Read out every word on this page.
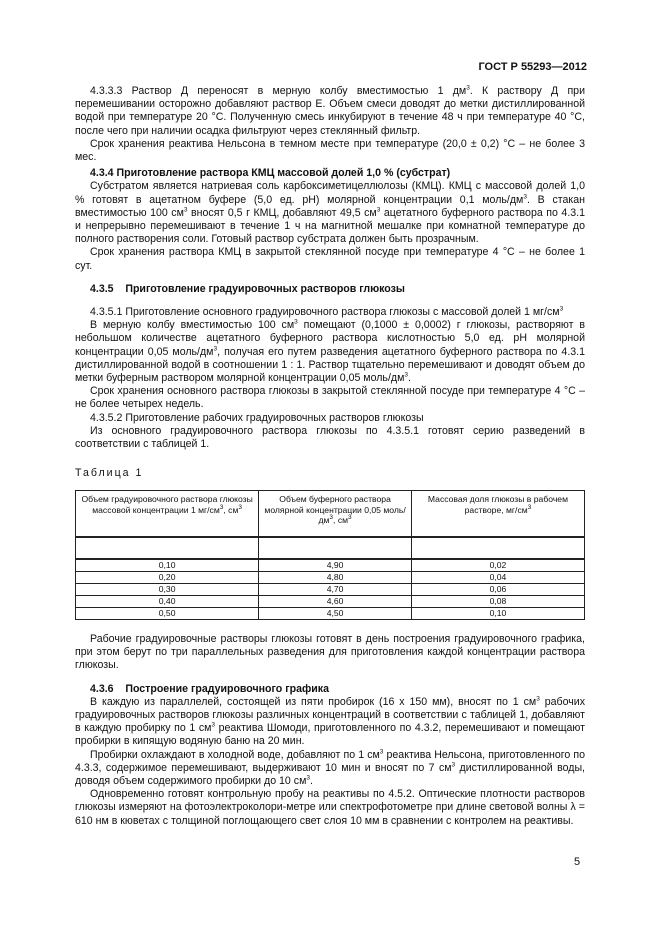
ГОСТ Р 55293—2012

4.3.3.3 Раствор Д переносят в мерную колбу вместимостью 1 $дм^3$. К раствору Д при перемешивании осторожно добавляют раствор Е. Объем смеси доводят до метки дистиллированной водой при температуре 20 °С. Полученную смесь инкубируют в течение 48 ч при температуре 40 °С, после чего при наличии осадка фильтруют через стеклянный фильтр.

Срок хранения реактива Нельсона в темном месте при температуре (20,0 ± 0,2) °С – не более 3 мес.

4.3.4 Приготовление раствора КМЦ массовой долей 1,0 % (субстрат)

Субстратом является натриевая соль карбоксиметицеллюлозы (КМЦ). КМЦ с массовой долей 1,0 % готовят в ацетатном буфере (5,0 ед. рН) молярной концентрации 0,1 моль/$дм^3$. В стакан вместимостью 100 $см^3$ вносят 0,5 г КМЦ, добавляют 49,5 $см^3$ ацетатного буферного раствора по 4.3.1 и непрерывно перемешивают в течение 1 ч на магнитной мешалке при комнатной температуре до полного растворения соли. Готовый раствор субстрата должен быть прозрачным.

Срок хранения раствора КМЦ в закрытой стеклянной посуде при температуре 4 °С – не более 1 сут.

4.3.5 Приготовление градуировочных растворов глюкозы

4.3.5.1 Приготовление основного градуировочного раствора глюкозы с массовой долей 1 $мг/см^3$

В мерную колбу вместимостью 100 $см^3$ помещают (0,1000 ± 0,0002) г глюкозы, растворяют в небольшом количестве ацетатного буферного раствора кислотностью 5,0 ед. рН молярной концентрации 0,05 моль/$дм^3$, получая его путем разведения ацетатного буферного раствора по 4.3.1 дистиллированной водой в соотношении 1 : 1. Раствор тщательно перемешивают и доводят объем до метки буферным раствором молярной концентрации 0,05 моль/$дм^3$.

Срок хранения основного раствора глюкозы в закрытой стеклянной посуде при температуре 4 °С – не более четырех недель.

4.3.5.2 Приготовление рабочих градуировочных растворов глюкозы

Из основного градуировочного раствора глюкозы по 4.3.5.1 готовят серию разведений в соответствии с таблицей 1.

Таблица 1

Объем градуировочного раствора глюкозы массовой концентрации 1 $мг/см^3$, $см^3$	Объем буферного раствора молярной концентрации 0,05 моль/$дм^3$, $см^3$	Массовая доля глюкозы в рабочем растворе, $мг/см^3$

0,10	4,90	0,02
0,20	4,80	0,04
0,30	4,70	0,06
0,40	4,60	0,08
0,50	4,50	0,10

Рабочие градуировочные растворы глюкозы готовят в день построения градуировочного графика, при этом берут по три параллельных разведения для приготовления каждой концентрации раствора глюкозы.

4.3.6 Построение градуировочного графика

В каждую из параллелей, состоящей из пяти пробирок (16 х 150 мм), вносят по 1 $см^3$ рабочих градуировочных растворов глюкозы различных концентраций в соответствии с таблицей 1, добавляют в каждую пробирку по 1 $см^3$ реактива Шомоди, приготовленного по 4.3.2, перемешивают и помещают пробирки в кипящую водяную баню на 20 мин.

Пробирки охлаждают в холодной воде, добавляют по 1 $см^3$ реактива Нельсона, приготовленного по 4.3.3, содержимое перемешивают, выдерживают 10 мин и вносят по 7 $см^3$ дистиллированной воды, доводя объем содержимого пробирки до 10 $см^3$.

Одновременно готовят контрольную пробу на реактивы по 4.5.2. Оптические плотности растворов глюкозы измеряют на фотоэлектроколори-метре или спектрофотометре при длине световой волны λ = 610 нм в кюветах с толщиной поглощающего свет слоя 10 мм в сравнении с контролем на реактивы.

5
